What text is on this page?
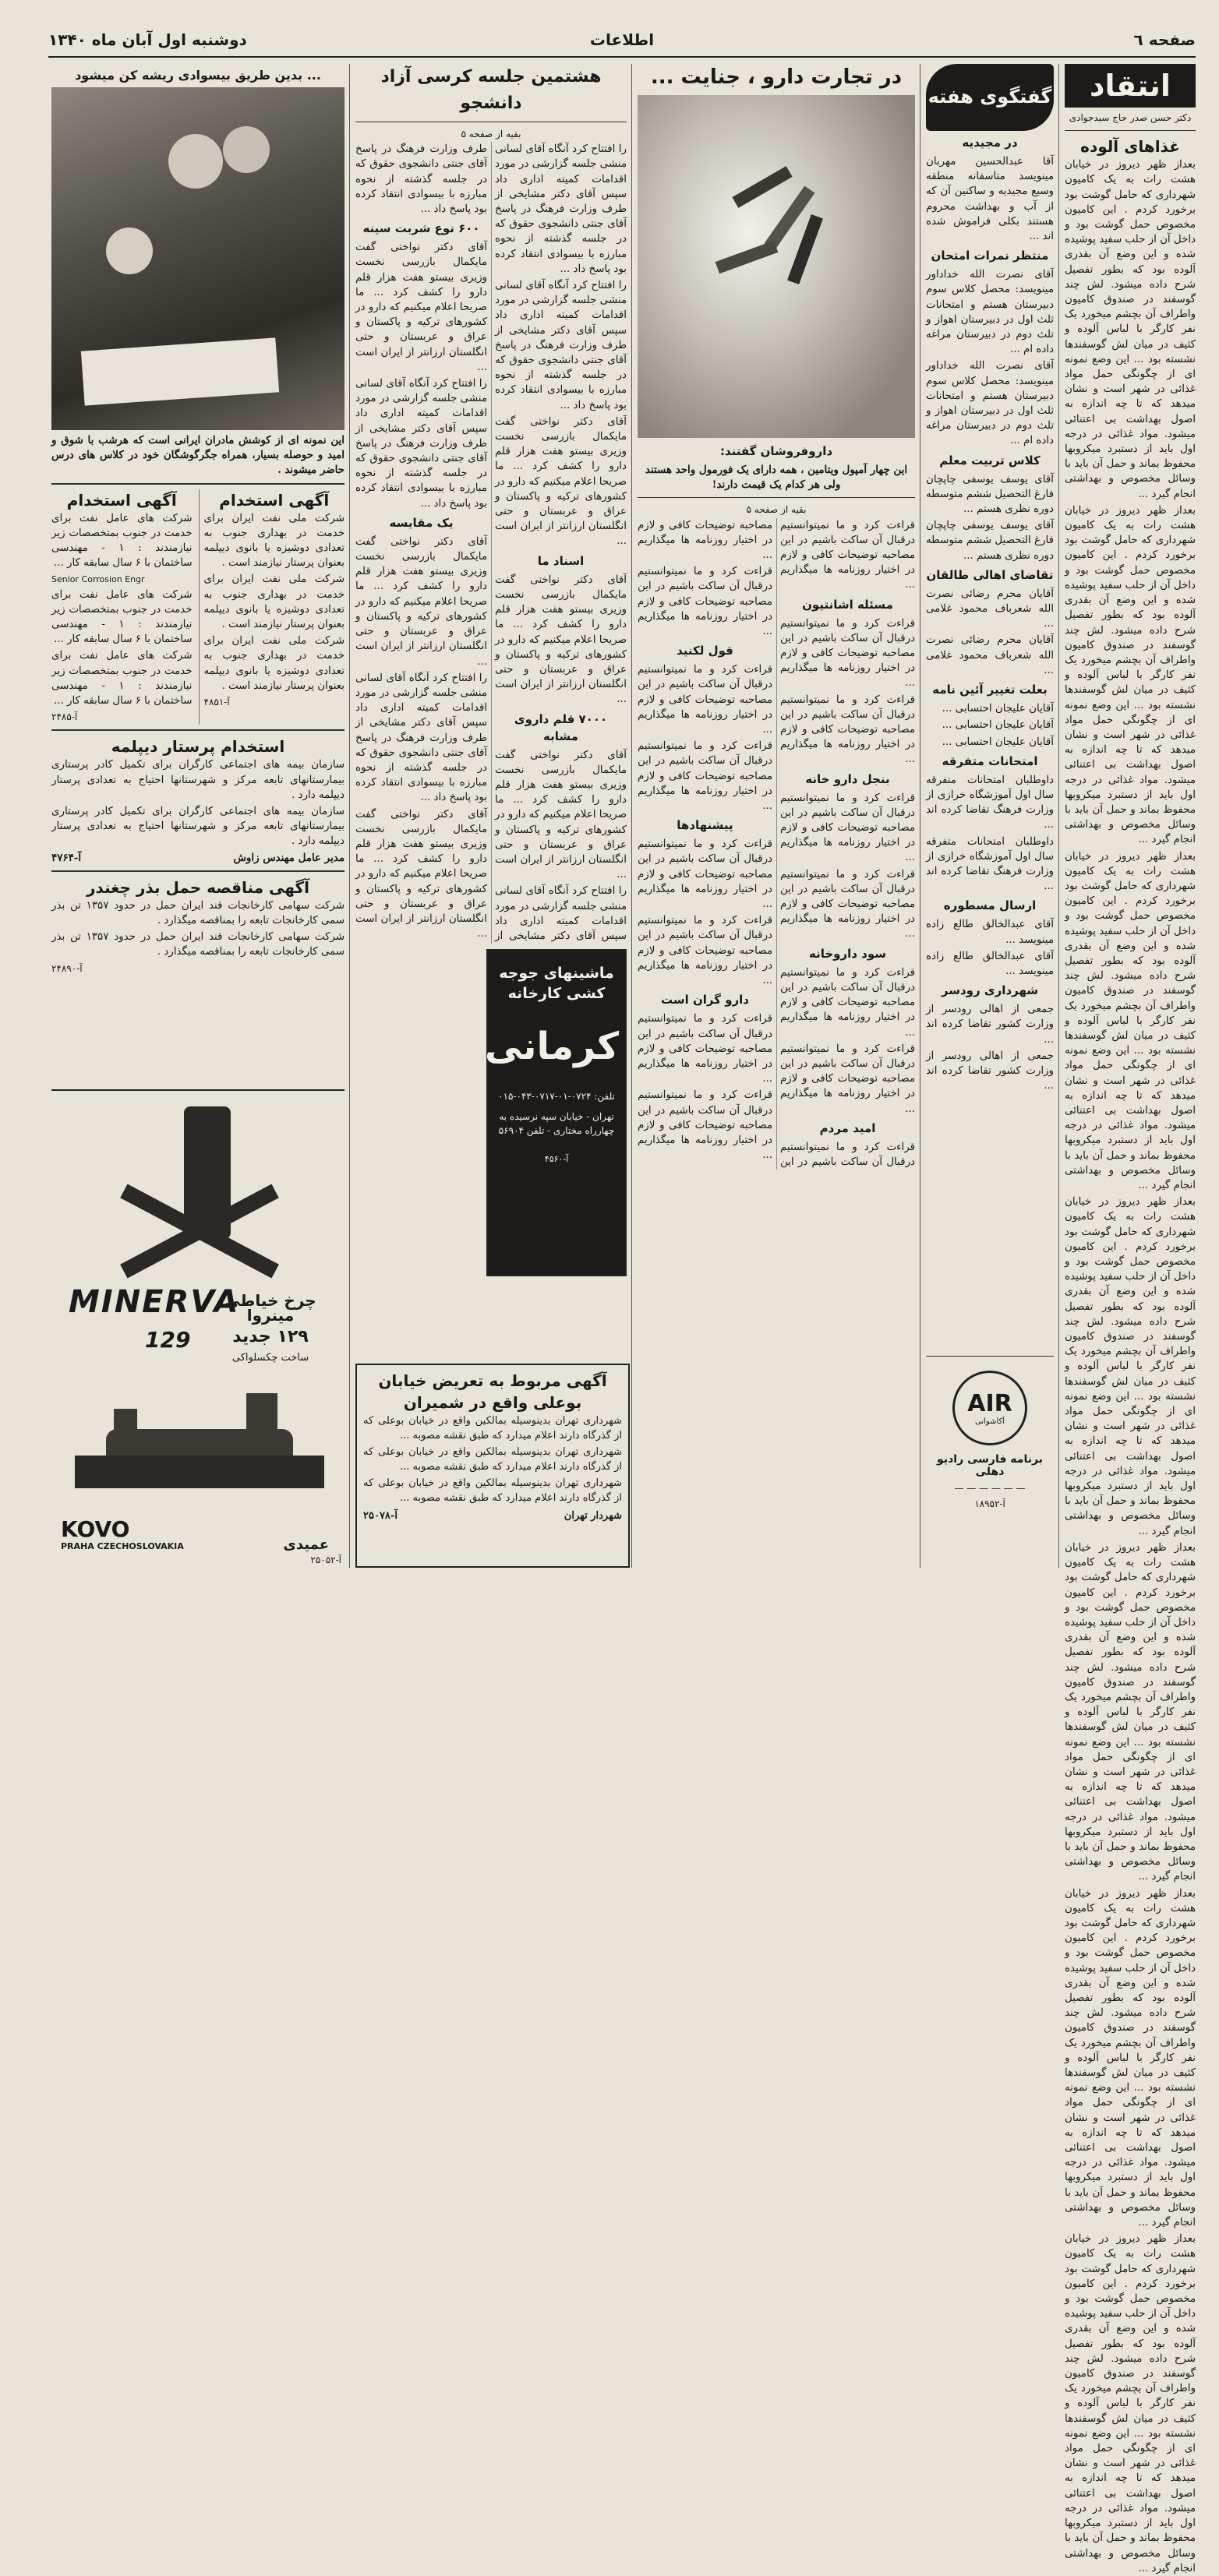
صفحه ٦
اطلاعات
دوشنبه اول آبان ماه ۱۳۴۰
انتقاد
دکتر حسن صدر حاج سیدجوادی
غذاهای آلوده

بعداز ظهر دیروز در خیابان هشت رات به یک کامیون شهرداری که حامل گوشت بود برخورد کردم . این کامیون مخصوص حمل گوشت بود و داخل آن از حلب سفید پوشیده شده و این وضع آن بقدری آلوده بود که بطور تفصیل شرح داده میشود. لش چند گوسفند در صندوق کامیون واطراف آن بچشم میخورد یک نفر کارگر با لباس آلوده و کثیف در میان لش گوسفندها نشسته بود ... این وضع نمونه ای از چگونگی حمل مواد غذائی در شهر است و نشان میدهد که تا چه اندازه به اصول بهداشت بی اعتنائی میشود. مواد غذائی در درجه اول باید از دستبرد میکروبها محفوظ بماند و حمل آن باید با وسائل مخصوص و بهداشتی انجام گیرد ...

بعداز ظهر دیروز در خیابان هشت رات به یک کامیون شهرداری که حامل گوشت بود برخورد کردم . این کامیون مخصوص حمل گوشت بود و داخل آن از حلب سفید پوشیده شده و این وضع آن بقدری آلوده بود که بطور تفصیل شرح داده میشود. لش چند گوسفند در صندوق کامیون واطراف آن بچشم میخورد یک نفر کارگر با لباس آلوده و کثیف در میان لش گوسفندها نشسته بود ... این وضع نمونه ای از چگونگی حمل مواد غذائی در شهر است و نشان میدهد که تا چه اندازه به اصول بهداشت بی اعتنائی میشود. مواد غذائی در درجه اول باید از دستبرد میکروبها محفوظ بماند و حمل آن باید با وسائل مخصوص و بهداشتی انجام گیرد ...

بعداز ظهر دیروز در خیابان هشت رات به یک کامیون شهرداری که حامل گوشت بود برخورد کردم . این کامیون مخصوص حمل گوشت بود و داخل آن از حلب سفید پوشیده شده و این وضع آن بقدری آلوده بود که بطور تفصیل شرح داده میشود. لش چند گوسفند در صندوق کامیون واطراف آن بچشم میخورد یک نفر کارگر با لباس آلوده و کثیف در میان لش گوسفندها نشسته بود ... این وضع نمونه ای از چگونگی حمل مواد غذائی در شهر است و نشان میدهد که تا چه اندازه به اصول بهداشت بی اعتنائی میشود. مواد غذائی در درجه اول باید از دستبرد میکروبها محفوظ بماند و حمل آن باید با وسائل مخصوص و بهداشتی انجام گیرد ...

بعداز ظهر دیروز در خیابان هشت رات به یک کامیون شهرداری که حامل گوشت بود برخورد کردم . این کامیون مخصوص حمل گوشت بود و داخل آن از حلب سفید پوشیده شده و این وضع آن بقدری آلوده بود که بطور تفصیل شرح داده میشود. لش چند گوسفند در صندوق کامیون واطراف آن بچشم میخورد یک نفر کارگر با لباس آلوده و کثیف در میان لش گوسفندها نشسته بود ... این وضع نمونه ای از چگونگی حمل مواد غذائی در شهر است و نشان میدهد که تا چه اندازه به اصول بهداشت بی اعتنائی میشود. مواد غذائی در درجه اول باید از دستبرد میکروبها محفوظ بماند و حمل آن باید با وسائل مخصوص و بهداشتی انجام گیرد ...

بعداز ظهر دیروز در خیابان هشت رات به یک کامیون شهرداری که حامل گوشت بود برخورد کردم . این کامیون مخصوص حمل گوشت بود و داخل آن از حلب سفید پوشیده شده و این وضع آن بقدری آلوده بود که بطور تفصیل شرح داده میشود. لش چند گوسفند در صندوق کامیون واطراف آن بچشم میخورد یک نفر کارگر با لباس آلوده و کثیف در میان لش گوسفندها نشسته بود ... این وضع نمونه ای از چگونگی حمل مواد غذائی در شهر است و نشان میدهد که تا چه اندازه به اصول بهداشت بی اعتنائی میشود. مواد غذائی در درجه اول باید از دستبرد میکروبها محفوظ بماند و حمل آن باید با وسائل مخصوص و بهداشتی انجام گیرد ...

بعداز ظهر دیروز در خیابان هشت رات به یک کامیون شهرداری که حامل گوشت بود برخورد کردم . این کامیون مخصوص حمل گوشت بود و داخل آن از حلب سفید پوشیده شده و این وضع آن بقدری آلوده بود که بطور تفصیل شرح داده میشود. لش چند گوسفند در صندوق کامیون واطراف آن بچشم میخورد یک نفر کارگر با لباس آلوده و کثیف در میان لش گوسفندها نشسته بود ... این وضع نمونه ای از چگونگی حمل مواد غذائی در شهر است و نشان میدهد که تا چه اندازه به اصول بهداشت بی اعتنائی میشود. مواد غذائی در درجه اول باید از دستبرد میکروبها محفوظ بماند و حمل آن باید با وسائل مخصوص و بهداشتی انجام گیرد ...

بعداز ظهر دیروز در خیابان هشت رات به یک کامیون شهرداری که حامل گوشت بود برخورد کردم . این کامیون مخصوص حمل گوشت بود و داخل آن از حلب سفید پوشیده شده و این وضع آن بقدری آلوده بود که بطور تفصیل شرح داده میشود. لش چند گوسفند در صندوق کامیون واطراف آن بچشم میخورد یک نفر کارگر با لباس آلوده و کثیف در میان لش گوسفندها نشسته بود ... این وضع نمونه ای از چگونگی حمل مواد غذائی در شهر است و نشان میدهد که تا چه اندازه به اصول بهداشت بی اعتنائی میشود. مواد غذائی در درجه اول باید از دستبرد میکروبها محفوظ بماند و حمل آن باید با وسائل مخصوص و بهداشتی انجام گیرد ...

گفتگوی هفته
در مجیدیه

آقا عبدالحسین مهربان مینویسد متاسفانه منطقه وسیع مجیدیه و ساکنین آن که از آب و بهداشت محروم هستند بکلی فراموش شده اند ...

منتظر نمرات امتحان

آقای نصرت الله خداداور مینویسد: محصل کلاس سوم دبیرستان هستم و امتحانات ثلث اول در دبیرستان اهواز و تلث دوم در دبیرستان مراغه داده ام ...

آقای نصرت الله خداداور مینویسد: محصل کلاس سوم دبیرستان هستم و امتحانات ثلث اول در دبیرستان اهواز و تلث دوم در دبیرستان مراغه داده ام ...

کلاس تربیت معلم

آقای یوسف یوسفی چاپچان فارغ التحصیل ششم متوسطه دوره نظری هستم ...

آقای یوسف یوسفی چاپچان فارغ التحصیل ششم متوسطه دوره نظری هستم ...

تقاضای اهالی طالقان

آقایان محرم رضائی نصرت الله شعرباف محمود غلامی ...

آقایان محرم رضائی نصرت الله شعرباف محمود غلامی ...

بعلت تغییر آئین نامه

آقایان علیجان احتسابی ...

آقایان علیجان احتسابی ...

آقایان علیجان احتسابی ...

امتحانات متفرقه

داوطلبان امتحانات متفرقه سال اول آموزشگاه خرازی از وزارت فرهنگ تقاضا کرده اند ...

داوطلبان امتحانات متفرقه سال اول آموزشگاه خرازی از وزارت فرهنگ تقاضا کرده اند ...

ارسال مسطوره

آقای عبدالخالق طالع زاده مینویسد ...

آقای عبدالخالق طالع زاده مینویسد ...

شهرداری رودسر

جمعی از اهالی رودسر از وزارت کشور تقاضا کرده اند ...

جمعی از اهالی رودسر از وزارت کشور تقاضا کرده اند ...

AIR
آکاشوانی
برنامه فارسی رادیو دهلی
— — — — — —
آ-۱۸۹۵۲
در تجارت دارو ، جنایت ...
داروفروشان گفتند:

این چهار آمپول ویتامین ، همه دارای یک فورمول واحد هستند ولی هر کدام یک قیمت دارند!

بقیه از صفحه ۵

قراءت کرد و ما نمیتوانستیم درقبال آن ساکت باشیم در این مصاحبه توضیحات کافی و لازم در اختیار روزنامه ها میگذاریم ...

مسئله اشانتیون

قراءت کرد و ما نمیتوانستیم درقبال آن ساکت باشیم در این مصاحبه توضیحات کافی و لازم در اختیار روزنامه ها میگذاریم ...

قراءت کرد و ما نمیتوانستیم درقبال آن ساکت باشیم در این مصاحبه توضیحات کافی و لازم در اختیار روزنامه ها میگذاریم ...

بنجل دارو خانه

قراءت کرد و ما نمیتوانستیم درقبال آن ساکت باشیم در این مصاحبه توضیحات کافی و لازم در اختیار روزنامه ها میگذاریم ...

قراءت کرد و ما نمیتوانستیم درقبال آن ساکت باشیم در این مصاحبه توضیحات کافی و لازم در اختیار روزنامه ها میگذاریم ...

سود داروخانه

قراءت کرد و ما نمیتوانستیم درقبال آن ساکت باشیم در این مصاحبه توضیحات کافی و لازم در اختیار روزنامه ها میگذاریم ...

قراءت کرد و ما نمیتوانستیم درقبال آن ساکت باشیم در این مصاحبه توضیحات کافی و لازم در اختیار روزنامه ها میگذاریم ...

امید مردم

قراءت کرد و ما نمیتوانستیم درقبال آن ساکت باشیم در این مصاحبه توضیحات کافی و لازم در اختیار روزنامه ها میگذاریم ...

قراءت کرد و ما نمیتوانستیم درقبال آن ساکت باشیم در این مصاحبه توضیحات کافی و لازم در اختیار روزنامه ها میگذاریم ...

قول لکنید

قراءت کرد و ما نمیتوانستیم درقبال آن ساکت باشیم در این مصاحبه توضیحات کافی و لازم در اختیار روزنامه ها میگذاریم ...

قراءت کرد و ما نمیتوانستیم درقبال آن ساکت باشیم در این مصاحبه توضیحات کافی و لازم در اختیار روزنامه ها میگذاریم ...

پیشنهادها

قراءت کرد و ما نمیتوانستیم درقبال آن ساکت باشیم در این مصاحبه توضیحات کافی و لازم در اختیار روزنامه ها میگذاریم ...

قراءت کرد و ما نمیتوانستیم درقبال آن ساکت باشیم در این مصاحبه توضیحات کافی و لازم در اختیار روزنامه ها میگذاریم ...

دارو گران است

قراءت کرد و ما نمیتوانستیم درقبال آن ساکت باشیم در این مصاحبه توضیحات کافی و لازم در اختیار روزنامه ها میگذاریم ...

قراءت کرد و ما نمیتوانستیم درقبال آن ساکت باشیم در این مصاحبه توضیحات کافی و لازم در اختیار روزنامه ها میگذاریم ...

هشتمین جلسه کرسی آزاد دانشجو
بقیه از صفحه ۵

را افتتاح کرد آنگاه آقای لسانی منشی جلسه گزارشی در مورد اقدامات کمیته اداری داد سپس آقای دکتر مشایخی از طرف وزارت فرهنگ در پاسخ آقای جنتی دانشجوی حقوق که در جلسه گذشته از نحوه مبارزه با بیسوادی انتقاد کرده بود پاسخ داد ...

را افتتاح کرد آنگاه آقای لسانی منشی جلسه گزارشی در مورد اقدامات کمیته اداری داد سپس آقای دکتر مشایخی از طرف وزارت فرهنگ در پاسخ آقای جنتی دانشجوی حقوق که در جلسه گذشته از نحوه مبارزه با بیسوادی انتقاد کرده بود پاسخ داد ...

آقای دکتر نواختی گفت مایکمال بازرسی نخست وزیری بیستو هفت هزار قلم دارو را کشف کرد ... ما صریحا اعلام میکنیم که دارو در کشورهای ترکیه و پاکستان و عراق و عربستان و حتی انگلستان ارزانتر از ایران است ...

اسناد ما

آقای دکتر نواختی گفت مایکمال بازرسی نخست وزیری بیستو هفت هزار قلم دارو را کشف کرد ... ما صریحا اعلام میکنیم که دارو در کشورهای ترکیه و پاکستان و عراق و عربستان و حتی انگلستان ارزانتر از ایران است ...

۷۰۰۰ قلم داروی مشابه

آقای دکتر نواختی گفت مایکمال بازرسی نخست وزیری بیستو هفت هزار قلم دارو را کشف کرد ... ما صریحا اعلام میکنیم که دارو در کشورهای ترکیه و پاکستان و عراق و عربستان و حتی انگلستان ارزانتر از ایران است ...

را افتتاح کرد آنگاه آقای لسانی منشی جلسه گزارشی در مورد اقدامات کمیته اداری داد سپس آقای دکتر مشایخی از طرف وزارت فرهنگ در پاسخ آقای جنتی دانشجوی حقوق که در جلسه گذشته از نحوه مبارزه با بیسوادی انتقاد کرده بود پاسخ داد ...

۶۰۰ نوع شربت سینه

آقای دکتر نواختی گفت مایکمال بازرسی نخست وزیری بیستو هفت هزار قلم دارو را کشف کرد ... ما صریحا اعلام میکنیم که دارو در کشورهای ترکیه و پاکستان و عراق و عربستان و حتی انگلستان ارزانتر از ایران است ...

را افتتاح کرد آنگاه آقای لسانی منشی جلسه گزارشی در مورد اقدامات کمیته اداری داد سپس آقای دکتر مشایخی از طرف وزارت فرهنگ در پاسخ آقای جنتی دانشجوی حقوق که در جلسه گذشته از نحوه مبارزه با بیسوادی انتقاد کرده بود پاسخ داد ...

یک مقایسه

آقای دکتر نواختی گفت مایکمال بازرسی نخست وزیری بیستو هفت هزار قلم دارو را کشف کرد ... ما صریحا اعلام میکنیم که دارو در کشورهای ترکیه و پاکستان و عراق و عربستان و حتی انگلستان ارزانتر از ایران است ...

را افتتاح کرد آنگاه آقای لسانی منشی جلسه گزارشی در مورد اقدامات کمیته اداری داد سپس آقای دکتر مشایخی از طرف وزارت فرهنگ در پاسخ آقای جنتی دانشجوی حقوق که در جلسه گذشته از نحوه مبارزه با بیسوادی انتقاد کرده بود پاسخ داد ...

آقای دکتر نواختی گفت مایکمال بازرسی نخست وزیری بیستو هفت هزار قلم دارو را کشف کرد ... ما صریحا اعلام میکنیم که دارو در کشورهای ترکیه و پاکستان و عراق و عربستان و حتی انگلستان ارزانتر از ایران است ...

ماشینهای جوجه کشی کارخانه
کرمانی
تلفن: ۰۷۲۴-۰۱-۰۷۱۷-۰۴۳-۰۱۵
تهران - خیابان سپه نرسیده به چهارراه مختاری - تلفن ۵۶۹۰۴
آ-۴۵۶۰
آگهی مربوط به تعریض خیابان بوعلی واقع در شمیران

شهرداری تهران بدینوسیله بمالکین واقع در خیابان بوعلی که از گذرگاه دارند اعلام میدارد که طبق نقشه مصوبه ...

شهرداری تهران بدینوسیله بمالکین واقع در خیابان بوعلی که از گذرگاه دارند اعلام میدارد که طبق نقشه مصوبه ...

شهرداری تهران بدینوسیله بمالکین واقع در خیابان بوعلی که از گذرگاه دارند اعلام میدارد که طبق نقشه مصوبه ...

شهردار تهران
آ-۲۵۰۷۸
... بدین طریق بیسوادی ریشه کن میشود

این نمونه ای از کوشش مادران ایرانی است که هرشب با شوق و امید و حوصله بسیار، همراه جگرگوشگان خود در کلاس های درس حاضر میشوند .

آگهی استخدام

شرکت ملی نفت ایران برای خدمت در بهداری جنوب به تعدادی دوشیزه یا بانوی دیپلمه بعنوان پرستار نیازمند است .

شرکت ملی نفت ایران برای خدمت در بهداری جنوب به تعدادی دوشیزه یا بانوی دیپلمه بعنوان پرستار نیازمند است .

شرکت ملی نفت ایران برای خدمت در بهداری جنوب به تعدادی دوشیزه یا بانوی دیپلمه بعنوان پرستار نیازمند است .

آ-۴۸۵۱
آگهی استخدام

شرکت های عامل نفت برای خدمت در جنوب بمتخصصات زیر نیازمندند : ۱ - مهندسی ساختمان با ۶ سال سابقه کار ...

Senior Corrosion Engr

شرکت های عامل نفت برای خدمت در جنوب بمتخصصات زیر نیازمندند : ۱ - مهندسی ساختمان با ۶ سال سابقه کار ...

شرکت های عامل نفت برای خدمت در جنوب بمتخصصات زیر نیازمندند : ۱ - مهندسی ساختمان با ۶ سال سابقه کار ...

آ-۲۴۸۵
استخدام پرستار دیپلمه

سازمان بیمه های اجتماعی کارگران برای تکمیل کادر پرستاری بیمارستانهای تابعه مرکز و شهرستانها احتیاج به تعدادی پرستار دیپلمه دارد .

سازمان بیمه های اجتماعی کارگران برای تکمیل کادر پرستاری بیمارستانهای تابعه مرکز و شهرستانها احتیاج به تعدادی پرستار دیپلمه دارد .

مدیر عامل مهندس زاوش
آ-۴۷۶۴
آگهی مناقصه حمل بذر چغندر

شرکت سهامی کارخانجات قند ایران حمل در حدود ۱۳۵۷ تن بذر سمی کارخانجات تابعه را بمناقصه میگذارد .

شرکت سهامی کارخانجات قند ایران حمل در حدود ۱۳۵۷ تن بذر سمی کارخانجات تابعه را بمناقصه میگذارد .

آ-۲۴۸۹۰
MINERVA
129
چرخ خیاطی مینروا
۱۲۹ جدید
ساخت چکسلواکی
KOVO
PRAHA CZECHOSLOVAKIA	عمیدی
آ-۲۵۰۵۲
